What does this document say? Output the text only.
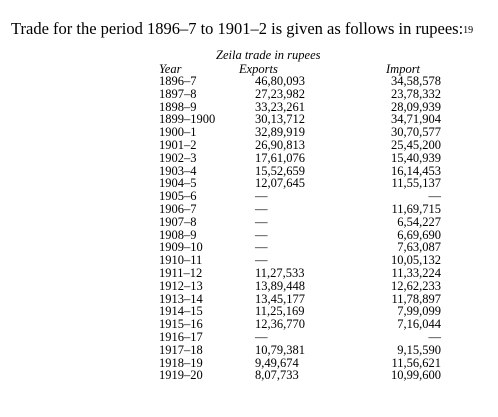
Trade for the period 1896–7 to 1901–2 is given as follows in rupees:$^{19}$

Zeila trade in rupees
Year	Exports	Import
1896–7	46,80,093	34,58,578
1897–8	27,23,982	23,78,332
1898–9	33,23,261	28,09,939
1899–1900	30,13,712	34,71,904
1900–1	32,89,919	30,70,577
1901–2	26,90,813	25,45,200
1902–3	17,61,076	15,40,939
1903–4	15,52,659	16,14,453
1904–5	12,07,645	11,55,137
1905–6	—	—
1906–7	—	11,69,715
1907–8	—	6,54,227
1908–9	—	6,69,690
1909–10	—	7,63,087
1910–11	—	10,05,132
1911–12	11,27,533	11,33,224
1912–13	13,89,448	12,62,233
1913–14	13,45,177	11,78,897
1914–15	11,25,169	7,99,099
1915–16	12,36,770	7,16,044
1916–17	—	—
1917–18	10,79,381	9,15,590
1918–19	9,49,674	11,56,621
1919–20	8,07,733	10,99,600
